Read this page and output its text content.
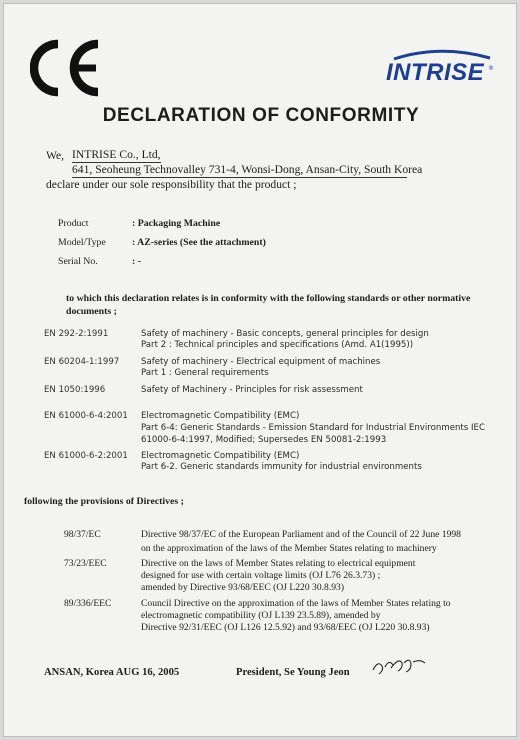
INTRISE ®
DECLARATION OF CONFORMITY
We, INTRISE Co., Ltd,
641, Seoheung Technovalley 731-4, Wonsi-Dong, Ansan-City, South Korea
declare under our sole responsibility that the product ;
Product	: Packaging Machine
Model/Type	: AZ-series (See the attachment)
Serial No.	: -
to which this declaration relates is in conformity with the following standards or other normative
documents ;
EN 292-2:1991	Safety of machinery - Basic concepts, general principles for design
Part 2 : Technical principles and specifications (Amd. A1(1995))
EN 60204-1:1997	Safety of machinery - Electrical equipment of machines
Part 1 : General requirements
EN 1050:1996	Safety of Machinery - Principles for risk assessment
EN 61000-6-4:2001 Electromagnetic Compatibility (EMC)
Part 6-4: Generic Standards - Emission Standard for Industrial Environments IEC
61000-6-4:1997, Modified; Supersedes EN 50081-2:1993
EN 61000-6-2:2001 Electromagnetic Compatibility (EMC)
Part 6-2. Generic standards immunity for industrial environments
following the provisions of Directives ;
98/37/EC	Directive 98/37/EC of the European Parliament and of the Council of 22 June 1998
on the approximation of the laws of the Member States relating to machinery
73/23/EEC	Directive on the laws of Member States relating to electrical equipment
designed for use with certain voltage limits (OJ L76 26.3.73) ;
amended by Directive 93/68/EEC (OJ L220 30.8.93)
89/336/EEC	Council Directive on the approximation of the laws of Member States relating to
electromagnetic compatibility (OJ L139 23.5.89), amended by
Directive 92/31/EEC (OJ L126 12.5.92) and 93/68/EEC (OJ L220 30.8.93)
ANSAN, Korea AUG 16, 2005	President, Se Young Jeon
